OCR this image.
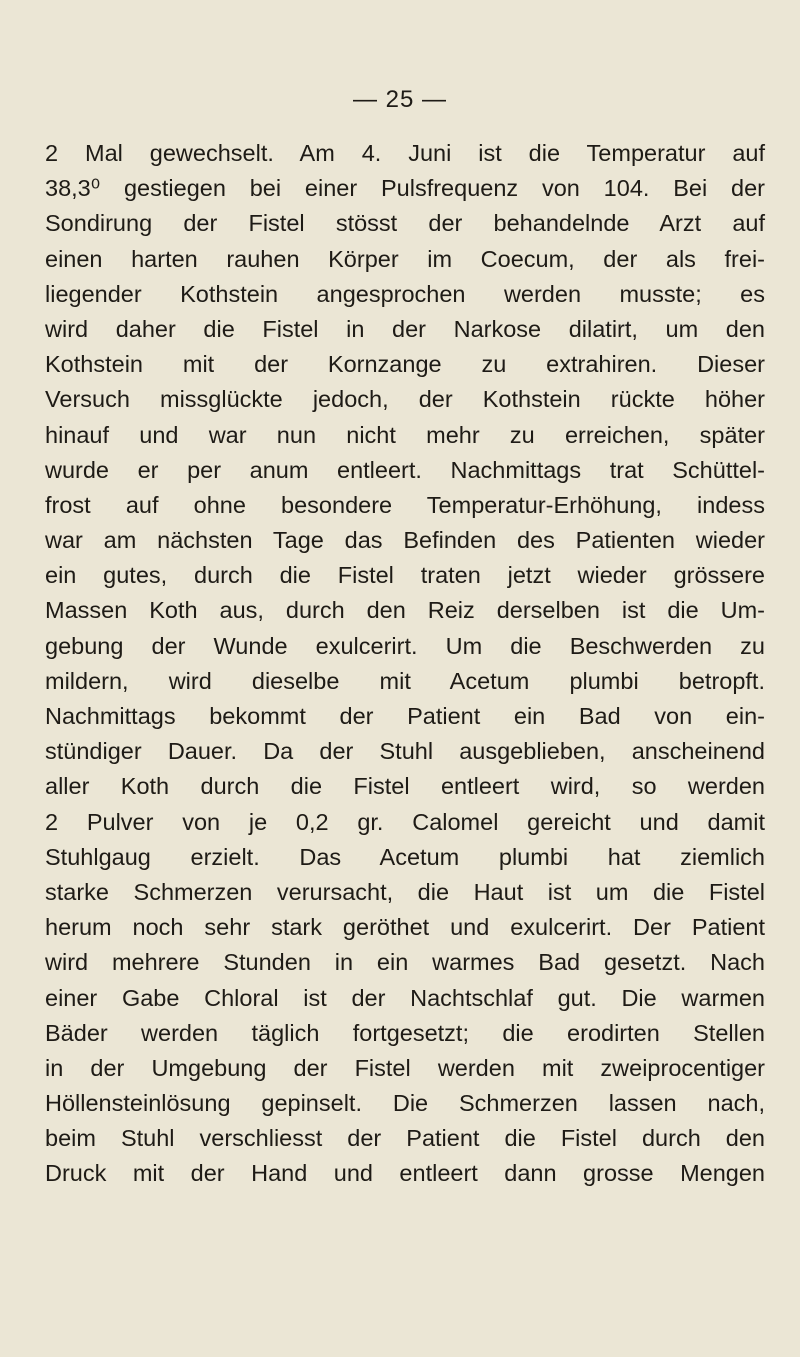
— 25 —
2 Mal gewechselt. Am 4. Juni ist die Temperatur auf
38,3⁰ gestiegen bei einer Pulsfrequenz von 104. Bei der
Sondirung der Fistel stösst der behandelnde Arzt auf
einen harten rauhen Körper im Coecum, der als frei-
liegender Kothstein angesprochen werden musste; es
wird daher die Fistel in der Narkose dilatirt, um den
Kothstein mit der Kornzange zu extrahiren. Dieser
Versuch missglückte jedoch, der Kothstein rückte höher
hinauf und war nun nicht mehr zu erreichen, später
wurde er per anum entleert. Nachmittags trat Schüttel-
frost auf ohne besondere Temperatur-Erhöhung, indess
war am nächsten Tage das Befinden des Patienten wieder
ein gutes, durch die Fistel traten jetzt wieder grössere
Massen Koth aus, durch den Reiz derselben ist die Um-
gebung der Wunde exulcerirt. Um die Beschwerden zu
mildern, wird dieselbe mit Acetum plumbi betropft.
Nachmittags bekommt der Patient ein Bad von ein-
stündiger Dauer. Da der Stuhl ausgeblieben, anscheinend
aller Koth durch die Fistel entleert wird, so werden
2 Pulver von je 0,2 gr. Calomel gereicht und damit
Stuhlgaug erzielt. Das Acetum plumbi hat ziemlich
starke Schmerzen verursacht, die Haut ist um die Fistel
herum noch sehr stark geröthet und exulcerirt. Der Patient
wird mehrere Stunden in ein warmes Bad gesetzt. Nach
einer Gabe Chloral ist der Nachtschlaf gut. Die warmen
Bäder werden täglich fortgesetzt; die erodirten Stellen
in der Umgebung der Fistel werden mit zweiprocentiger
Höllensteinlösung gepinselt. Die Schmerzen lassen nach,
beim Stuhl verschliesst der Patient die Fistel durch den
Druck mit der Hand und entleert dann grosse Mengen
